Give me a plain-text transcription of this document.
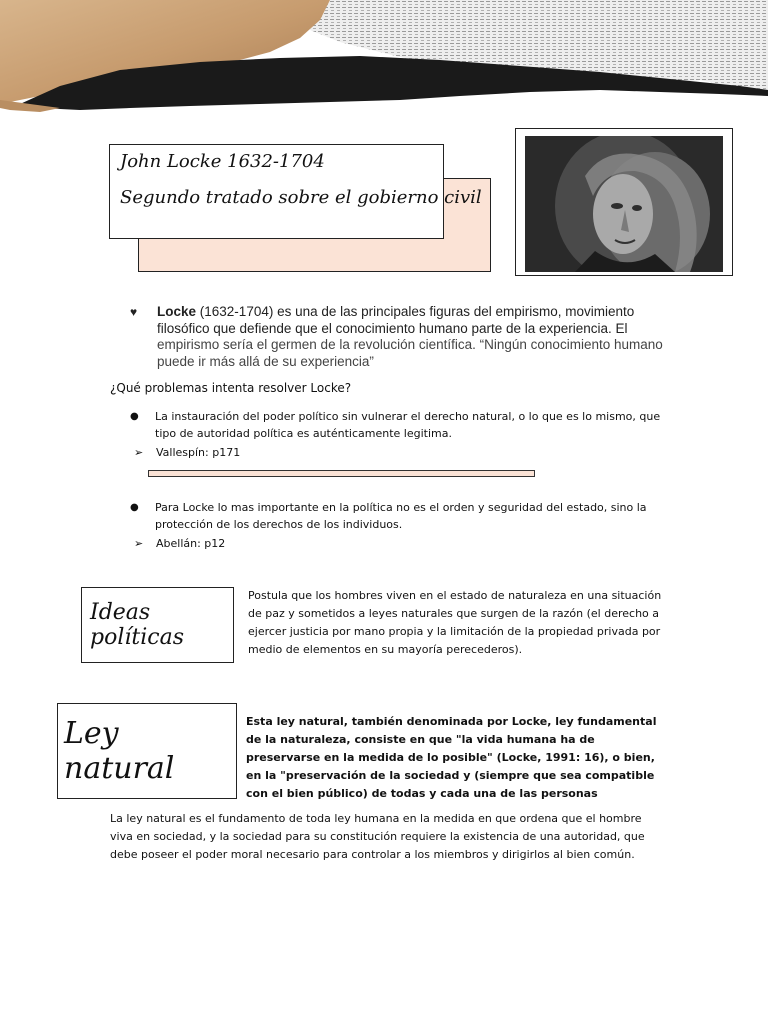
John Locke 1632-1704
Segundo tratado sobre el gobierno civil
♥ Locke (1632-1704) es una de las principales figuras del empirismo, movimiento filosófico que defiende que el conocimiento humano parte de la experiencia. El empirismo sería el germen de la revolución científica. “Ningún conocimiento humano puede ir más allá de su experiencia”
¿Qué problemas intenta resolver Locke?
● La instauración del poder político sin vulnerar el derecho natural, o lo que es lo mismo, que tipo de autoridad política es auténticamente legitima.
➢ Vallespín: p171
● Para Locke lo mas importante en la política no es el orden y seguridad del estado, sino la protección de los derechos de los individuos.
➢ Abellán: p12
Ideas políticas
Postula que los hombres viven en el estado de naturaleza en una situación de paz y sometidos a leyes naturales que surgen de la razón (el derecho a ejercer justicia por mano propia y la limitación de la propiedad privada por medio de elementos en su mayoría perecederos).
Ley natural
Esta ley natural, también denominada por Locke, ley fundamental de la naturaleza, consiste en que "la vida humana ha de preservarse en la medida de lo posible" (Locke, 1991: 16), o bien, en la "preservación de la sociedad y (siempre que sea compatible con el bien público) de todas y cada una de las personas
La ley natural es el fundamento de toda ley humana en la medida en que ordena que el hombre viva en sociedad, y la sociedad para su constitución requiere la existencia de una autoridad, que debe poseer el poder moral necesario para controlar a los miembros y dirigirlos al bien común.
